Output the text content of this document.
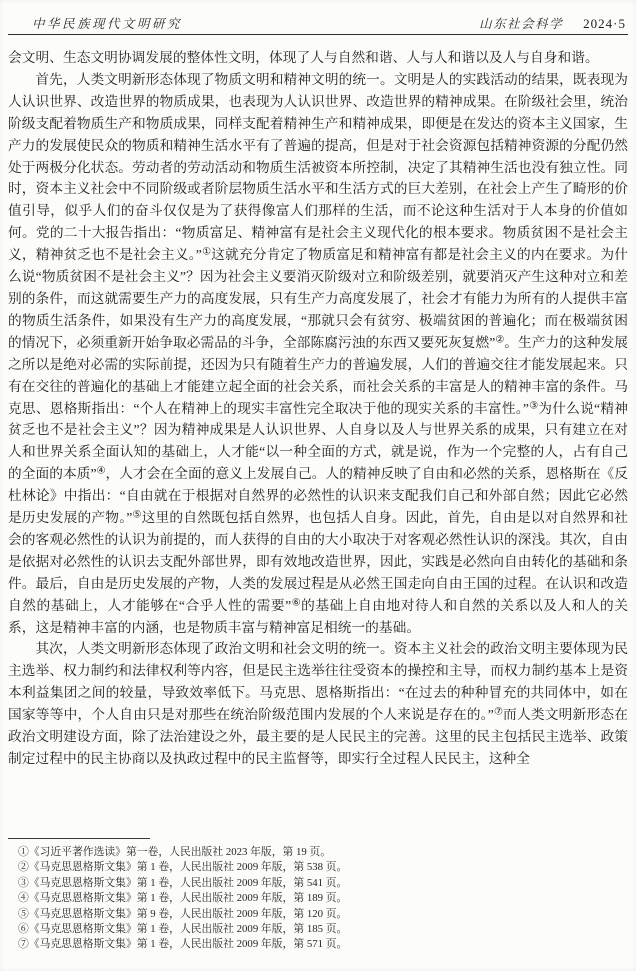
中华民族现代文明研究	山东社会科学 2024·5

会文明、生态文明协调发展的整体性文明，体现了人与自然和谐、人与人和谐以及人与自身和谐。

首先，人类文明新形态体现了物质文明和精神文明的统一。文明是人的实践活动的结果，既表现为人认识世界、改造世界的物质成果，也表现为人认识世界、改造世界的精神成果。在阶级社会里，统治阶级支配着物质生产和物质成果，同样支配着精神生产和精神成果，即便是在发达的资本主义国家，生产力的发展使民众的物质和精神生活水平有了普遍的提高，但是对于社会资源包括精神资源的分配仍然处于两极分化状态。劳动者的劳动活动和物质生活被资本所控制，决定了其精神生活也没有独立性。同时，资本主义社会中不同阶级或者阶层物质生活水平和生活方式的巨大差别，在社会上产生了畸形的价值引导，似乎人们的奋斗仅仅是为了获得像富人们那样的生活，而不论这种生活对于人本身的价值如何。党的二十大报告指出：“物质富足、精神富有是社会主义现代化的根本要求。物质贫困不是社会主义，精神贫乏也不是社会主义。”①这就充分肯定了物质富足和精神富有都是社会主义的内在要求。为什么说“物质贫困不是社会主义”？因为社会主义要消灭阶级对立和阶级差别，就要消灭产生这种对立和差别的条件，而这就需要生产力的高度发展，只有生产力高度发展了，社会才有能力为所有的人提供丰富的物质生活条件，如果没有生产力的高度发展，“那就只会有贫穷、极端贫困的普遍化；而在极端贫困的情况下，必须重新开始争取必需品的斗争，全部陈腐污浊的东西又要死灰复燃”②。生产力的这种发展之所以是绝对必需的实际前提，还因为只有随着生产力的普遍发展，人们的普遍交往才能发展起来。只有在交往的普遍化的基础上才能建立起全面的社会关系，而社会关系的丰富是人的精神丰富的条件。马克思、恩格斯指出：“个人在精神上的现实丰富性完全取决于他的现实关系的丰富性。”③为什么说“精神贫乏也不是社会主义”？因为精神成果是人认识世界、人自身以及人与世界关系的成果，只有建立在对人和世界关系全面认知的基础上，人才能“以一种全面的方式，就是说，作为一个完整的人，占有自己的全面的本质”④，人才会在全面的意义上发展自己。人的精神反映了自由和必然的关系，恩格斯在《反杜林论》中指出：“自由就在于根据对自然界的必然性的认识来支配我们自己和外部自然；因此它必然是历史发展的产物。”⑤这里的自然既包括自然界，也包括人自身。因此，首先，自由是以对自然界和社会的客观必然性的认识为前提的，而人获得的自由的大小取决于对客观必然性认识的深浅。其次，自由是依据对必然性的认识去支配外部世界，即有效地改造世界，因此，实践是必然向自由转化的基础和条件。最后，自由是历史发展的产物，人类的发展过程是从必然王国走向自由王国的过程。在认识和改造自然的基础上，人才能够在“合乎人性的需要”⑥的基础上自由地对待人和自然的关系以及人和人的关系，这是精神丰富的内涵，也是物质丰富与精神富足相统一的基础。

其次，人类文明新形态体现了政治文明和社会文明的统一。资本主义社会的政治文明主要体现为民主选举、权力制约和法律权利等内容，但是民主选举往往受资本的操控和主导，而权力制约基本上是资本利益集团之间的较量，导致效率低下。马克思、恩格斯指出：“在过去的种种冒充的共同体中，如在国家等等中，个人自由只是对那些在统治阶级范围内发展的个人来说是存在的。”⑦而人类文明新形态在政治文明建设方面，除了法治建设之外，最主要的是人民民主的完善。这里的民主包括民主选举、政策制定过程中的民主协商以及执政过程中的民主监督等，即实行全过程人民民主，这种全

①《习近平著作选读》第一卷，人民出版社 2023 年版，第 19 页。

②《马克思恩格斯文集》第 1 卷，人民出版社 2009 年版，第 538 页。

③《马克思恩格斯文集》第 1 卷，人民出版社 2009 年版，第 541 页。

④《马克思恩格斯文集》第 1 卷，人民出版社 2009 年版，第 189 页。

⑤《马克思恩格斯文集》第 9 卷，人民出版社 2009 年版，第 120 页。

⑥《马克思恩格斯文集》第 1 卷，人民出版社 2009 年版，第 185 页。

⑦《马克思恩格斯文集》第 1 卷，人民出版社 2009 年版，第 571 页。
